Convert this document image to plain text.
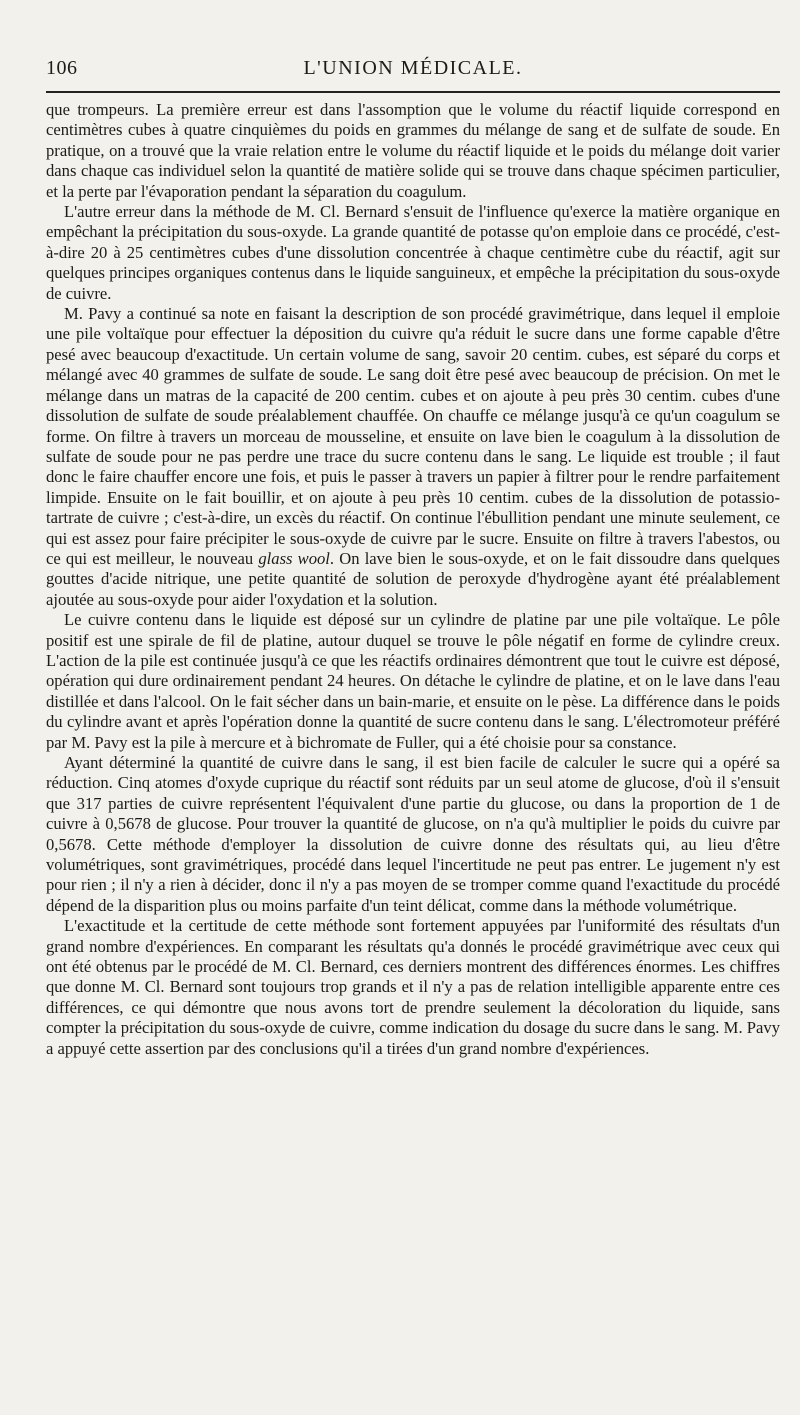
106	L'UNION MÉDICALE.

que trompeurs. La première erreur est dans l'assomption que le volume du réactif liquide correspond en centimètres cubes à quatre cinquièmes du poids en grammes du mélange de sang et de sulfate de soude. En pratique, on a trouvé que la vraie relation entre le volume du réactif liquide et le poids du mélange doit varier dans chaque cas individuel selon la quantité de matière solide qui se trouve dans chaque spécimen particulier, et la perte par l'évaporation pendant la séparation du coagulum.

L'autre erreur dans la méthode de M. Cl. Bernard s'ensuit de l'influence qu'exerce la matière organique en empêchant la précipitation du sous-oxyde. La grande quantité de potasse qu'on emploie dans ce procédé, c'est-à-dire 20 à 25 centimètres cubes d'une dissolution concentrée à chaque centimètre cube du réactif, agit sur quelques principes organiques contenus dans le liquide sanguineux, et empêche la précipitation du sous-oxyde de cuivre.

M. Pavy a continué sa note en faisant la description de son procédé gravimétrique, dans lequel il emploie une pile voltaïque pour effectuer la déposition du cuivre qu'a réduit le sucre dans une forme capable d'être pesé avec beaucoup d'exactitude. Un certain volume de sang, savoir 20 centim. cubes, est séparé du corps et mélangé avec 40 grammes de sulfate de soude. Le sang doit être pesé avec beaucoup de précision. On met le mélange dans un matras de la capacité de 200 centim. cubes et on ajoute à peu près 30 centim. cubes d'une dissolution de sulfate de soude préalablement chauffée. On chauffe ce mélange jusqu'à ce qu'un coagulum se forme. On filtre à travers un morceau de mousseline, et ensuite on lave bien le coagulum à la dissolution de sulfate de soude pour ne pas perdre une trace du sucre contenu dans le sang. Le liquide est trouble ; il faut donc le faire chauffer encore une fois, et puis le passer à travers un papier à filtrer pour le rendre parfaitement limpide. Ensuite on le fait bouillir, et on ajoute à peu près 10 centim. cubes de la dissolution de potassio-tartrate de cuivre ; c'est-à-dire, un excès du réactif. On continue l'ébullition pendant une minute seulement, ce qui est assez pour faire précipiter le sous-oxyde de cuivre par le sucre. Ensuite on filtre à travers l'abestos, ou ce qui est meilleur, le nouveau glass wool. On lave bien le sous-oxyde, et on le fait dissoudre dans quelques gouttes d'acide nitrique, une petite quantité de solution de peroxyde d'hydrogène ayant été préalablement ajoutée au sous-oxyde pour aider l'oxydation et la solution.

Le cuivre contenu dans le liquide est déposé sur un cylindre de platine par une pile voltaïque. Le pôle positif est une spirale de fil de platine, autour duquel se trouve le pôle négatif en forme de cylindre creux. L'action de la pile est continuée jusqu'à ce que les réactifs ordinaires démontrent que tout le cuivre est déposé, opération qui dure ordinairement pendant 24 heures. On détache le cylindre de platine, et on le lave dans l'eau distillée et dans l'alcool. On le fait sécher dans un bain-marie, et ensuite on le pèse. La différence dans le poids du cylindre avant et après l'opération donne la quantité de sucre contenu dans le sang. L'électromoteur préféré par M. Pavy est la pile à mercure et à bichromate de Fuller, qui a été choisie pour sa constance.

Ayant déterminé la quantité de cuivre dans le sang, il est bien facile de calculer le sucre qui a opéré sa réduction. Cinq atomes d'oxyde cuprique du réactif sont réduits par un seul atome de glucose, d'où il s'ensuit que 317 parties de cuivre représentent l'équivalent d'une partie du glucose, ou dans la proportion de 1 de cuivre à 0,5678 de glucose. Pour trouver la quantité de glucose, on n'a qu'à multiplier le poids du cuivre par 0,5678. Cette méthode d'employer la dissolution de cuivre donne des résultats qui, au lieu d'être volumétriques, sont gravimétriques, procédé dans lequel l'incertitude ne peut pas entrer. Le jugement n'y est pour rien ; il n'y a rien à décider, donc il n'y a pas moyen de se tromper comme quand l'exactitude du procédé dépend de la disparition plus ou moins parfaite d'un teint délicat, comme dans la méthode volumétrique.

L'exactitude et la certitude de cette méthode sont fortement appuyées par l'uniformité des résultats d'un grand nombre d'expériences. En comparant les résultats qu'a donnés le procédé gravimétrique avec ceux qui ont été obtenus par le procédé de M. Cl. Bernard, ces derniers montrent des différences énormes. Les chiffres que donne M. Cl. Bernard sont toujours trop grands et il n'y a pas de relation intelligible apparente entre ces différences, ce qui démontre que nous avons tort de prendre seulement la décoloration du liquide, sans compter la précipitation du sous-oxyde de cuivre, comme indication du dosage du sucre dans le sang. M. Pavy a appuyé cette assertion par des conclusions qu'il a tirées d'un grand nombre d'expériences.
